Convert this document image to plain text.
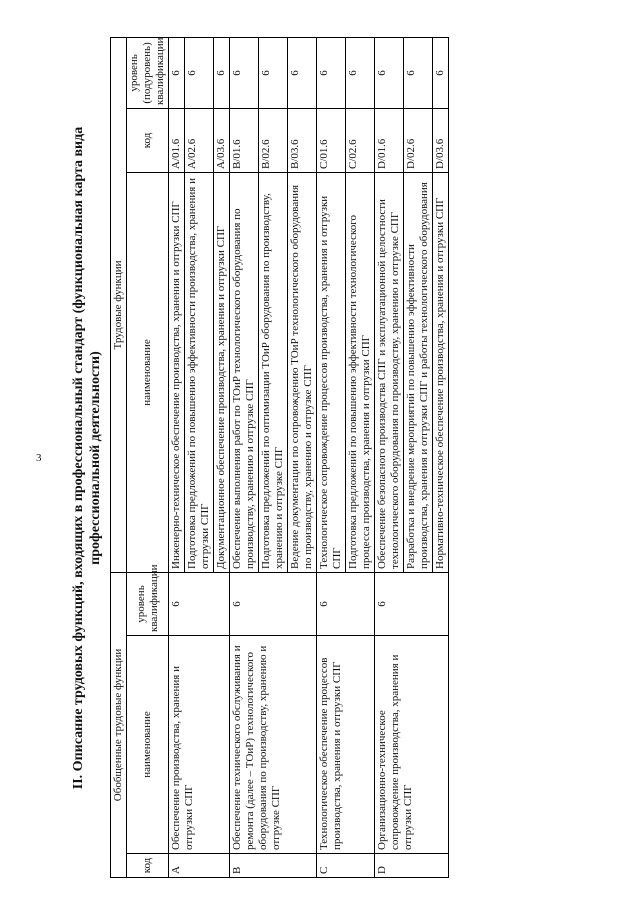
3 II. Описание трудовых функций, входящих в профессиональный стандарт (функциональная карта вида профессиональной деятельности)
Обобщенные трудовые функции			Трудовые функции		
код	наименование	уровень квалификации	наименование	код	уровень (подуровень) квалификации
A	Обеспечение производства, хранения и отгрузки СПГ	6	Инженерно-техническое обеспечение производства, хранения и отгрузки СПГ	A/01.6	6
			Подготовка предложений по повышению эффективности производства, хранения и отгрузки СПГ	A/02.6	6
			Документационное обеспечение производства, хранения и отгрузки СПГ	A/03.6	6
B	Обеспечение технического обслуживания и ремонта (далее – ТОиР) технологического оборудования по производству, хранению и отгрузке СПГ	6	Обеспечение выполнения работ по ТОиР технологического оборудования по производству, хранению и отгрузке СПГ	B/01.6	6
			Подготовка предложений по оптимизации ТОиР оборудования по производству, хранению и отгрузке СПГ	B/02.6	6
			Ведение документации по сопровождению ТОиР технологического оборудования по производству, хранению и отгрузке СПГ	B/03.6	6
C	Технологическое обеспечение процессов производства, хранения и отгрузки СПГ	6	Технологическое сопровождение процессов производства, хранения и отгрузки СПГ	C/01.6	6
			Подготовка предложений по повышению эффективности технологического процесса производства, хранения и отгрузки СПГ	C/02.6	6
D	Организационно-техническое сопровождение производства, хранения и отгрузки СПГ	6	Обеспечение безопасного производства СПГ и эксплуатационной целостности технологического оборудования по производству, хранению и отгрузке СПГ	D/01.6	6
			Разработка и внедрение мероприятий по повышению эффективности производства, хранения и отгрузки СПГ и работы технологического оборудования	D/02.6	6
			Нормативно-техническое обеспечение производства, хранения и отгрузки СПГ	D/03.6	6
